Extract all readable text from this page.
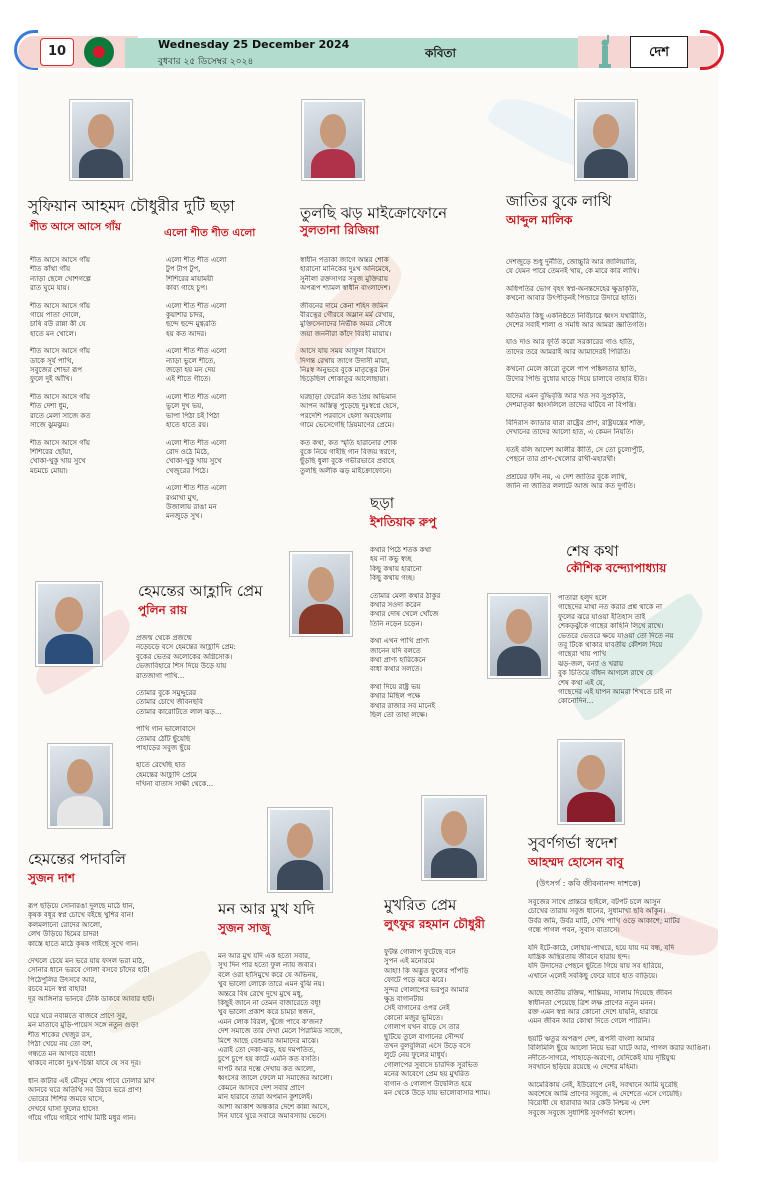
10	Wednesday 25 December 2024
বুধবার ২৫ ডিসেম্বর ২০২৪
কবিতা	দেশ
সুফিয়ান আহমদ চৌধুরীর দুটি ছড়া
শীত আসে আসে গাঁয়	এলো শীত শীত এলো
শীত আসে আসে গাঁয়
শীত কাঁথা গাঁয়
ন্যাড়া ছেলে খোশগল্পে
রাত ঘুমে যায়।
শীত আসে আসে গাঁয়
গায়ে পাতা দোলে,
চাষি বউ রান্না কী যে
হাতে মন খোলে।
শীত আসে আসে গাঁয়
ডাকে সূর্য পাখি,
সবুজের শোভা রূপ
ফুলে দুই আঁখি।
শীত আসে আসে গাঁয়
শীত দেশা ধুম,
রাতে মেলা সাজে কত
সাজে ঝুমঝুম।
শীত আসে আসে গাঁয়
শিশিরের ছোঁয়া,
খোকা-খুকু খায় সুখে
মচমচে মোয়া।
এলো শীত শীত এলো
টুপ টাপ টুপ,
শিশিরের মায়াময়ী
কাব্য গাহে চুপ।
এলো শীত শীত এলো
কুয়াশার চাদর,
ছন্দে ছন্দে মুগ্ধরতি
হয় কত আদর।
এলো শীত শীত এলো
ন্যাড়া ভুলে শীতে,
জড়ো হয় মন দেয়
এই শীতে গীতে।
এলো শীত শীত এলো
ভুলে দুখ ভয়,
ভাপা পিঠা চই পিঠা
হাতে হাতে রয়।
এলো শীত শীত এলো
রোদ ওঠে মিঠে,
খোকা-খুকু খায় সুখে
খেজুরের পিঠে।
এলো শীত শীত এলো
রংমাখা মুখ,
উজালায় রাঙা মন
মনজুড়ে সুখ।
তুলছি ঝড় মাইক্রোফোনে
সুলতানা রিজিয়া
স্বাধীন পতাকা জাগে অন্তর শোক
হারানো মানিকের দুঃখ অনিমেষে,
সুনীলা রক্তসাগর সবুজ মুক্তিরায়
অপরূপ শ্যামল স্বাধীন বাংলাদেশ।
জীবনের দামে কেনা শহিদ জমিন
বীরত্বের গৌরবে অম্লান মর্ম রেখায়,
মুক্তিসেনাদের নির্ভীক অমর সৌধে
জয়া জননীরা কাঁদে বিরহী মায়ায়।
আসে যায় সময় আফুল বিয়াসে
দিগন্ত রেখায় জাগে উদাসী মায়া,
নিঃস্ব অনুভবে বুকে মাতৃত্বের টান
ছিড়েছিল শোকাতুর আলোছায়া।
ঘরছাড়া ফেরেনি কত প্রিয় অভিমান
আপন অস্তিত্ব পুড়েছে দুঃস্বপ্নে হেসে,
পরদেশি পরবাসে হেলা অবহেলায়
গামে ভেসেগেছি দ্রিয়মাণের প্রেমে।
কত কথা, কত স্মৃতি হারানোর শোক
বুকে নিয়ে গাইছি গান বিজয় স্বরণে,
ছুঁড়ছি ধুলা বুকে গভীরভাবে প্রবাহে
তুলছি অলীক ঝড় মাইক্রোফোনে।
জাতির বুকে লাথি
আব্দুল মালিক
দেশজুড়ে শুধু দুর্নীতি, জোচ্চুরি আর জালিয়াতি,
যে যেমন পারে তেমনই খায়, কে মারে কার লাথি।
অধিপতির ভোগ বৃহৎ স্বপ্ন-অনন্তদেহের ক্ষুদ্রাকৃতি,
কখনো আবার উৎপীড়নই পিন্ডারে উদারে হাতি।
অতিমতি কিছু একনিষ্ঠতে নির্বিচারে ধ্বংস যথারীতি,
দেশের সবাই শালা ও সমধি আর আমরা জ্ঞাতিগতি।
যাও দাও আর ফূর্তি করো সরকারের গাও হাতি,
তাদের তরে আমরাই আর আমাদেরই পিরিতি।
কখনো মেলে কারো তুলে পাপ পঙ্কিলতার ছাতি,
উদোর পিন্ডি বুধোর ঘাড়ে দিয়ে চালাবে তাহার ইতি।
যাদের এমন বুদ্ধিবৃত্তি আর খত সব সুপ্রকৃতি,
দেশমাতৃকা ধ্বংসলিলে তাদের ঘটিবে না বিপত্তি।
বিদিরাস ক্যাডার যারা রাষ্ট্রের প্রাণ, রাষ্ট্রযন্ত্রের শক্তি,
দেখানের তাদের আলো হাত, এ কেমন নিয়তি।
যতই বলি আদেশ আলীর কীর্তি, সে তো চুলোপুঁটি,
পেছনে তার প্রাণ-খেলোর রাখী-মহারথী।
প্রশ্রয়ের ফাঁদ নয়, এ দেশ জাতির বুকে লাথি,
জানি না জাতির ললাটে আজ আর কত দুর্গতি।
ছড়া
ইশতিয়াক রুপু
কথার পিঠে শতক কথা
হয় না কভু স্বচ্ছ
কিছু কথায় হারানো
কিছু কথায় গচ্ছ।
তোমার মেলা কথার ঠাকুর
কথার সওদা করেন
কথার দোষ খেলে খোঁজে
তিনি নড়েন চড়েন।
কথা এখন পাখি প্রাণ্য
জানেন যদি বলতে
কথা প্রাণ্য হারিকেনে
বাধা কথার সলতে।
কথা দিয়ে রাষ্ট্র ভয়
কথার মিছিল পক্ষে
কথার রাজার সব মানেই
ছিল তো তাহা লক্ষে।
শেষ কথা
কৌশিক বন্দ্যোপাধ্যায়
পাতারা হলুদ হলে
গাছেদের মাথা নত করার প্রশ্ন থাকে না
ফুলের ঝরে যাওয়া ইতিহাস তাই
শেকড়ঝুঁকে গাছের কাহিনি লিখে রাখে।
ভেতরে ভেতরে ক্ষয়ে যাওয়া তো দিতে নয়
তবু টিকে থাকার যাবতীয় কৌশল দিয়ে
গাছেরা খায় পাখি
ঝড়-জল, বন্যা ও খরায়
বুক চিতিয়ে বাঁধন আগলে রাখে যে
শেষ কথা এই যে,
গাছেদের এই যাপন আমরা শিখতে চাই না
কোনোদিন...
হেমন্তের আহ্লাদি প্রেম
পুলিন রায়
প্রজন্ম থেকে প্রজন্মে
নড়েচড়ে বসে হেমন্তের আহ্লাদি প্রেম:
বুকের ভেতর অলোকের অগ্নিসোক।
ভেজাবিহারে শিস দিয়ে উড়ে যায়
রাতজাগা পাখি...
তোমার বুকে সমুদ্দুরের
তোমার চোখে জীবনছবি
তোমার কারোটিতে লাল ঝড়...
পাখি গান ভালোবাসে
তোমার ঠোঁট ছুঁয়েছি
পাহাড়ের সবুজ ছুঁয়ে
হাতে রেখেছি হাত
হেমন্তের আহ্লাদি প্রেমে
দখিনা বাতাস সাক্ষী থেকে...
হেমন্তের পদাবলি
সুজন দাশ
রূপ ছড়িয়ে সোনারঙা দুলছে মাঠে ধান,
কৃষক বধূর স্বপ্ন চোখে বইছে খুশির বান!
কলমলানো রোদের আলো,
লেখ উড়িয়ে হিমের চাদর!
কাস্তে হাতে মাঠে কৃষক গাইছে সুখে গান।
দেখলে চেয়ে মন ভরে যায় ফসল ভরা মাঠ,
সোনার ধানে ভরবে গোলা বসবে চাঁদের হাট!
পিঠেপুলির উৎসবে আর,
রচবে মনে স্বপ্ন বাহার!
দূর আঙ্গিনার ভানবে ঢেঁকি ডাকবে আবার হাট।
ঘরে ঘরে নবান্নতে বাজবে প্রাণে সুর,
মন মাতাবে মুড়ি-পায়েস সঙ্গে নতুন গুড়!
শীত শাকের খেজুর রস,
পিঠা খেয়ে নয় তো বশ,
গন্ধতে মন আগবে বধো!
থাকবে নাকো দুঃখ-চিন্তা যাবে যে সব দূর।
ধান কাটার এই মৌসুম শেষে পাবে ঢোলার ঘ্রাণ
আনবে ঘরে অতিথি সব উঠবে ভরে প্রাণ!
ভোরের শিশির জমবে ঘাসে,
দেখবে ঘাসা ফুলের হাসে!
গাঁয়ে গাঁয়ে গাইবে পাখি মিষ্টি মধুর গান।
মন আর মুখ যদি
সুজন সাজু
মন আর মুখ যদি এক হতো সবার,
সুখ দিন পার হতো ফুল ন্যায় জবার।
বলে ওরা হাসিমুখে করে যে অভিনয়,
খুব ভালো লোকে তারে এমন বুঝি নয়।
অন্তরে বিষ রেখে দুখে মুখে মধু,
কিছুই জানে না তেমন বাজারেতে বধূ!
খুব ভালো প্রকাশ করে চামচা স্বজন,
এমন লোক বিরল, খুঁজে পাবে ক'জন?
দেশ সমাজে তার দেখা মেলে পিরামিড সাজে,
মিশে আছে বেশুমার আমাদের মাঝে।
এরাই তো দেকা-ঝড়, হয় দমপতিত,
চুপে চুপে হয় কাটে এমনি কত বসতি।
দাপট আর দম্ভে দেখায় কত আলো,
ধ্বংসের জালে ফেলে মা সমাজের আলো।
কেমনে আসবে দেশ সবার প্রাণে
মান হারাবে তারা অপমান কুশলেই।
আশা আকাশ অন্ধকার দেশে কান্না আসে,
দিন যাবে ঘুরে সবারে অমাবস্যায় ভেসে।
মুখরিত প্রেম
লুৎফুর রহমান চৌধুরী
ফুটন্ত গোলাপ ফুটেছে বনে
সুপন এই মনোরমে
আহা! কি অদ্ভুত ফুলের পাঁপড়ি
ফোটে পড়ে ঝরে ঝরে।
সুন্দর গোলাপের ভরপুর আমার
ক্ষুদ্র বাগানটায়
সেই বাগানের ওপর নেই
কোনো মজুর ভূমিতে।
গোলাপ যখন বাড়ে সে তার
ছুটিয়ে তুলে বাগানের সৌন্দর্য
তখন বুলবুলিরা এসে উড়ে বসে
লুটে নেয় ফুলের মাধুর্য।
গোলাপের সুবাসে চারদিক সুরভিত
মনের আবেগে প্রেম হয় মুখরিত
বাগান ও গোলাপ উদ্বেলিত হয়ে
মন থেকে উড়ে যায় ভালোবাসার শ্যাম।
সুবর্ণগর্ভা স্বদেশ
আহম্মদ হোসেন বাবু
(উৎসর্গ : কবি জীবনানন্দ দাশকে)
সবুজের সাথে প্রান্তরে ছাইলে, বটপট চলে আসুন
চোখের তারায় সবুজ ধানের, সুধামাখা ছবি আঁকুন।
উর্বর জমি, উর্বর মাটি, দেখি পাখি ওড়ে আকাশে; মাটির
গন্ধে পাগল পবন, সুবাস বাতাসে।
যদি ইটে-কাঠে, লোহায়-পাথরে, হয়ে যায় দম বন্ধ, যদি
যান্ত্রিক অস্থিরতায় জীবনে হারায় ছন্দ।
যদি উদাসের পেছনে ছুটতে গিয়ে যায় সব হারিয়ে,
এখানে এলেই সবকিছু ফেরে যাবে হাত বাড়িয়ে।
আছে জাতীয় রক্তিম, শান্তিময়, সালাম দিয়েছে জীবন
স্বাধীনতা পেয়েছে ত্রিশ লক্ষ প্রাণের নতুন মনন।
রক্ত এমন স্বপ্ন আর কোনো দেশে যায়নি, হারায়ে
এমন জীবন আর কোথা দিতে গেলে পারিনি।
ছয়টি ঋতুর অপরূপ দেশ, রূপসী বাংলা আমার
বিলিমিলি ছুঁয়ে আলো নিয়ে ভরা ঘাটে আর, পাগল করার আঙিনা।
নদীতে-সাগরে, পাহাড়ে-অরণ্যে, যেদিকেই যায় দৃষ্টিযুগ্ম
সবখানে ছড়িয়ে রয়েছে এ দেশের মহিমা।
আমেরিকায় নেই, ইউরোপে নেই, সবখানে আমি ঘুরেছি
অবশেষে আমি প্রাণের সবুজে, এ দেশেতে এসে গেয়েছি।
বিরোধী যে হারাবার আর কেউ নিশ্চয় এ দেশ
সবুজে সবুজে সুধাশিষ্ট সুবর্ণগর্ভা স্বদেশ।
